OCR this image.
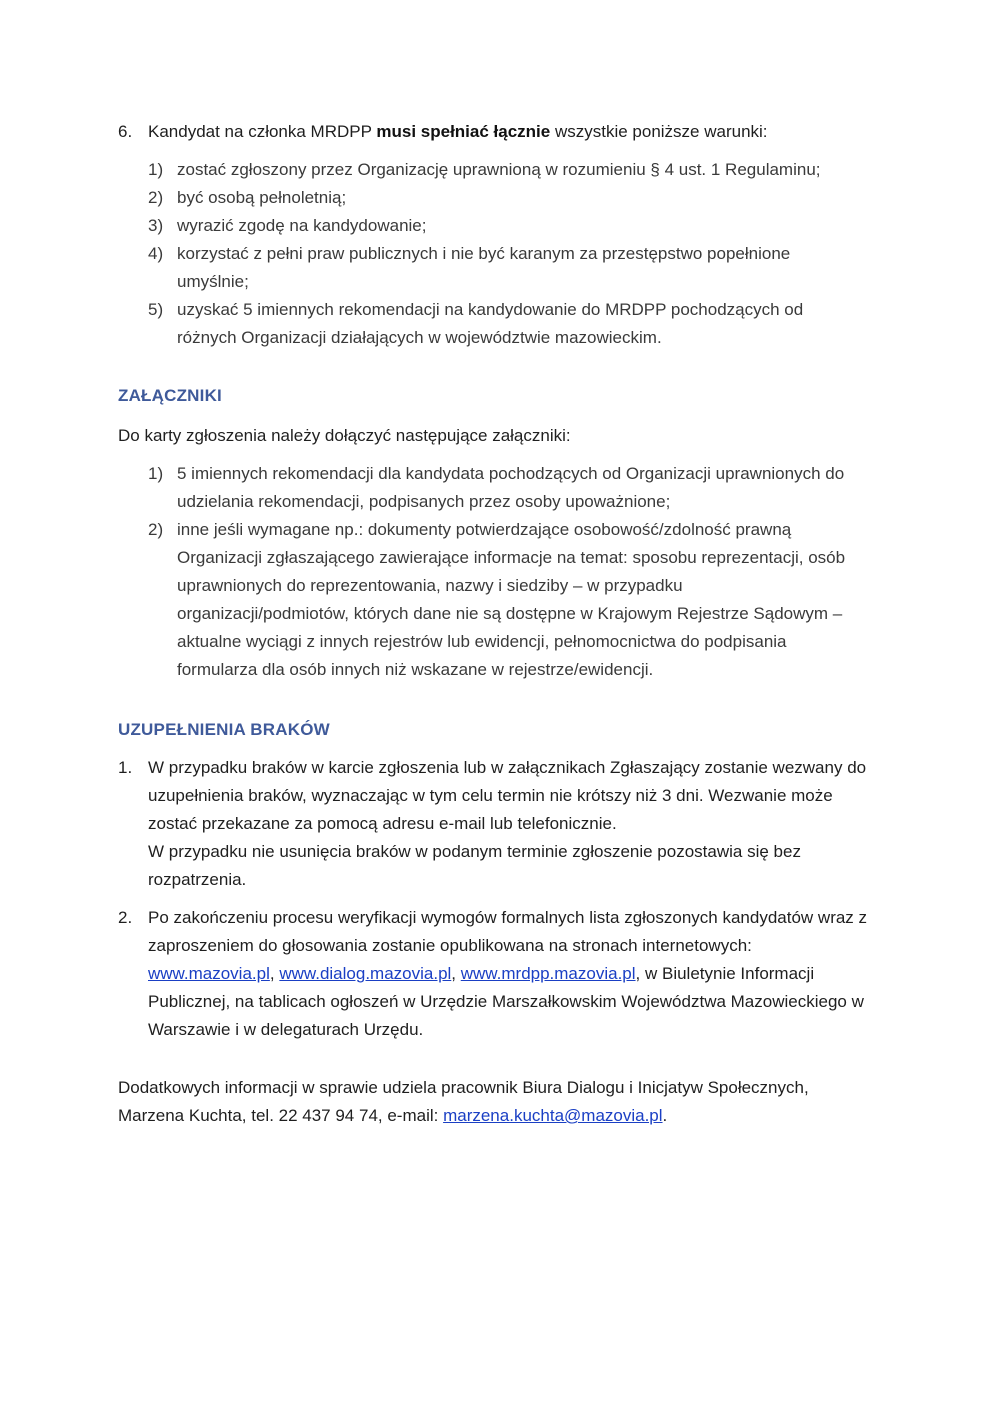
6. Kandydat na członka MRDPP musi spełniać łącznie wszystkie poniższe warunki:
1) zostać zgłoszony przez Organizację uprawnioną w rozumieniu § 4 ust. 1 Regulaminu;
2) być osobą pełnoletnią;
3) wyrazić zgodę na kandydowanie;
4) korzystać z pełni praw publicznych i nie być karanym za przestępstwo popełnione umyślnie;
5) uzyskać 5 imiennych rekomendacji na kandydowanie do MRDPP pochodzących od różnych Organizacji działających w województwie mazowieckim.
ZAŁĄCZNIKI
Do karty zgłoszenia należy dołączyć następujące załączniki:
1) 5 imiennych rekomendacji dla kandydata pochodzących od Organizacji uprawnionych do udzielania rekomendacji, podpisanych przez osoby upoważnione;
2) inne jeśli wymagane np.: dokumenty potwierdzające osobowość/zdolność prawną Organizacji zgłaszającego zawierające informacje na temat: sposobu reprezentacji, osób uprawnionych do reprezentowania, nazwy i siedziby – w przypadku organizacji/podmiotów, których dane nie są dostępne w Krajowym Rejestrze Sądowym – aktualne wyciągi z innych rejestrów lub ewidencji, pełnomocnictwa do podpisania formularza dla osób innych niż wskazane w rejestrze/ewidencji.
UZUPEŁNIENIA BRAKÓW
1. W przypadku braków w karcie zgłoszenia lub w załącznikach Zgłaszający zostanie wezwany do uzupełnienia braków, wyznaczając w tym celu termin nie krótszy niż 3 dni. Wezwanie może zostać przekazane za pomocą adresu e-mail lub telefonicznie.
W przypadku nie usunięcia braków w podanym terminie zgłoszenie pozostawia się bez rozpatrzenia.
2. Po zakończeniu procesu weryfikacji wymogów formalnych lista zgłoszonych kandydatów wraz z zaproszeniem do głosowania zostanie opublikowana na stronach internetowych: www.mazovia.pl, www.dialog.mazovia.pl, www.mrdpp.mazovia.pl, w Biuletynie Informacji Publicznej, na tablicach ogłoszeń w Urzędzie Marszałkowskim Województwa Mazowieckiego w Warszawie i w delegaturach Urzędu.
Dodatkowych informacji w sprawie udziela pracownik Biura Dialogu i Inicjatyw Społecznych, Marzena Kuchta, tel. 22 437 94 74, e-mail: marzena.kuchta@mazovia.pl.
